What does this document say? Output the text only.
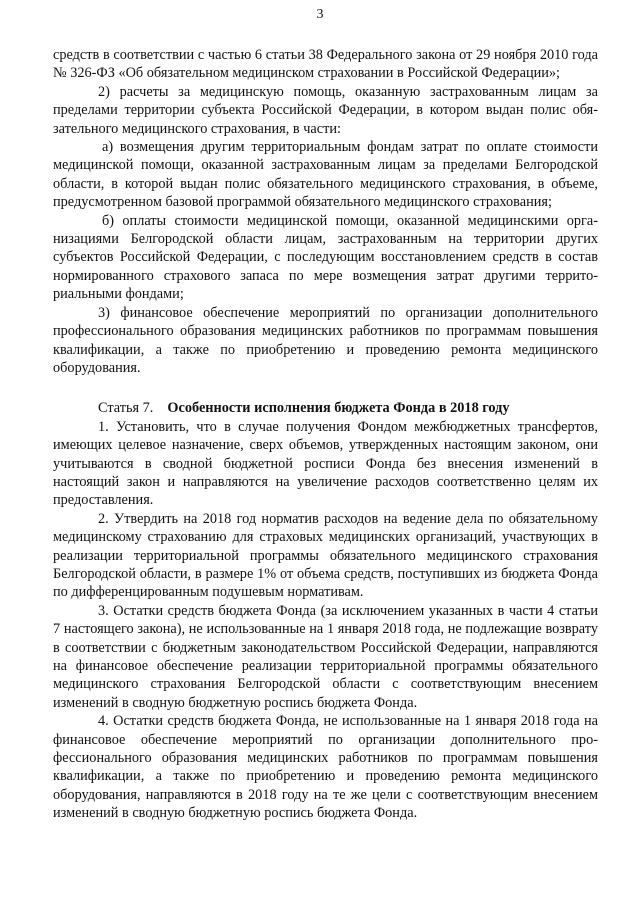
3

средств в соответствии с частью 6 статьи 38 Федерального закона от 29 ноября 2010 года № 326-ФЗ «Об обязательном медицинском страховании в Российской Федерации»;

2) расчеты за медицинскую помощь, оказанную застрахованным лицам за пределами территории субъекта Российской Федерации, в котором выдан полис обязательного медицинского страхования, в части:

а) возмещения другим территориальным фондам затрат по оплате стоимости медицинской помощи, оказанной застрахованным лицам за пределами Белгородской области, в которой выдан полис обязательного медицинского страхования, в объеме, предусмотренном базовой программой обязательного медицинского страхования;

б) оплаты стоимости медицинской помощи, оказанной медицинскими организациями Белгородской области лицам, застрахованным на территории других субъектов Российской Федерации, с последующим восстановлением средств в состав нормированного страхового запаса по мере возмещения затрат другими территориальными фондами;

3) финансовое обеспечение мероприятий по организации дополнительного профессионального образования медицинских работников по программам повышения квалификации, а также по приобретению и проведению ремонта медицинского оборудования.

Статья 7. Особенности исполнения бюджета Фонда в 2018 году

1. Установить, что в случае получения Фондом межбюджетных трансфертов, имеющих целевое назначение, сверх объемов, утвержденных настоящим законом, они учитываются в сводной бюджетной росписи Фонда без внесения изменений в настоящий закон и направляются на увеличение расходов соответственно целям их предоставления.

2. Утвердить на 2018 год норматив расходов на ведение дела по обязательному медицинскому страхованию для страховых медицинских организаций, участвующих в реализации территориальной программы обязательного медицинского страхования Белгородской области, в размере 1% от объема средств, поступивших из бюджета Фонда по дифференцированным подушевым нормативам.

3. Остатки средств бюджета Фонда (за исключением указанных в части 4 статьи 7 настоящего закона), не использованные на 1 января 2018 года, не подлежащие возврату в соответствии с бюджетным законодательством Российской Федерации, направляются на финансовое обеспечение реализации территориальной программы обязательного медицинского страхования Белгородской области с соответствующим внесением изменений в сводную бюджетную роспись бюджета Фонда.

4. Остатки средств бюджета Фонда, не использованные на 1 января 2018 года на финансовое обеспечение мероприятий по организации дополнительного профессионального образования медицинских работников по программам повышения квалификации, а также по приобретению и проведению ремонта медицинского оборудования, направляются в 2018 году на те же цели с соответствующим внесением изменений в сводную бюджетную роспись бюджета Фонда.
